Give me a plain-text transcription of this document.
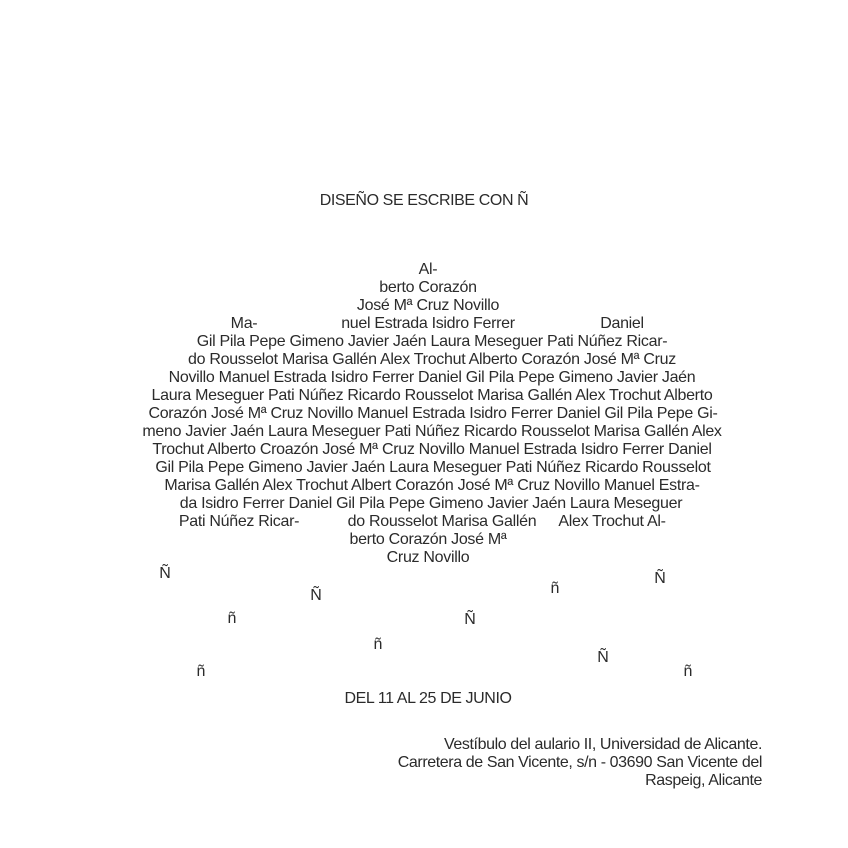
DISEÑO SE ESCRIBE CON Ñ
Al-
berto Corazón
José Mª Cruz Novillo
Ma-	nuel Estrada Isidro Ferrer	Daniel
Gil Pila Pepe Gimeno Javier Jaén Laura Meseguer Pati Núñez Ricar-
do Rousselot Marisa Gallén Alex Trochut Alberto Corazón José Mª Cruz
Novillo Manuel Estrada Isidro Ferrer Daniel Gil Pila Pepe Gimeno Javier Jaén
Laura Meseguer Pati Núñez Ricardo Rousselot Marisa Gallén Alex Trochut Alberto
Corazón José Mª Cruz Novillo Manuel Estrada Isidro Ferrer Daniel Gil Pila Pepe Gi-
meno Javier Jaén Laura Meseguer Pati Núñez Ricardo Rousselot Marisa Gallén Alex
Trochut Alberto Croazón José Mª Cruz Novillo Manuel Estrada Isidro Ferrer Daniel
Gil Pila Pepe Gimeno Javier Jaén Laura Meseguer Pati Núñez Ricardo Rousselot
Marisa Gallén Alex Trochut Albert Corazón José Mª Cruz Novillo Manuel Estra-
da Isidro Ferrer Daniel Gil Pila Pepe Gimeno Javier Jaén Laura Meseguer
Pati Núñez Ricar-	do Rousselot Marisa Gallén Alex Trochut Al-
berto Corazón José Mª
Cruz Novillo
Ñ
Ñ	ñ
Ñ
ñ	Ñ
ñ
Ñ
ñ	ñ
DEL 11 AL 25 DE JUNIO
Vestíbulo del aulario II, Universidad de Alicante.
Carretera de San Vicente, s/n - 03690 San Vicente del
Raspeig, Alicante
